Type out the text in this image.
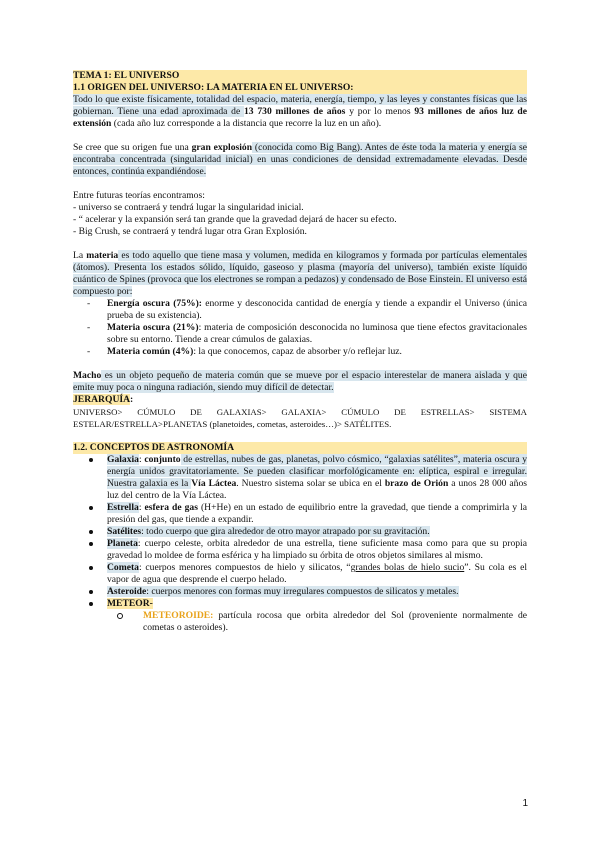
TEMA 1: EL UNIVERSO
1.1 ORIGEN DEL UNIVERSO: LA MATERIA EN EL UNIVERSO:

Todo lo que existe físicamente, totalidad del espacio, materia, energía, tiempo, y las leyes y constantes físicas que las gobiernan. Tiene una edad aproximada de 13 730 millones de años y por lo menos 93 millones de años luz de extensión (cada año luz corresponde a la distancia que recorre la luz en un año).

Se cree que su origen fue una gran explosión (conocida como Big Bang). Antes de éste toda la materia y energía se encontraba concentrada (singularidad inicial) en unas condiciones de densidad extremadamente elevadas. Desde entonces, continúa expandiéndose.

Entre futuras teorías encontramos:
- universo se contraerá y tendrá lugar la singularidad inicial.
- “ acelerar y la expansión será tan grande que la gravedad dejará de hacer su efecto.
- Big Crush, se contraerá y tendrá lugar otra Gran Explosión.

La materia es todo aquello que tiene masa y volumen, medida en kilogramos y formada por partículas elementales (átomos). Presenta los estados sólido, líquido, gaseoso y plasma (mayoría del universo), también existe líquido cuántico de Spines (provoca que los electrones se rompan a pedazos) y condensado de Bose Einstein. El universo está compuesto por:

- Energía oscura (75%): enorme y desconocida cantidad de energía y tiende a expandir el Universo (única prueba de su existencia).
- Materia oscura (21%): materia de composición desconocida no luminosa que tiene efectos gravitacionales sobre su entorno. Tiende a crear cúmulos de galaxias.
- Materia común (4%): la que conocemos, capaz de absorber y/o reflejar luz.

Macho es un objeto pequeño de materia común que se mueve por el espacio interestelar de manera aislada y que emite muy poca o ninguna radiación, siendo muy difícil de detectar.

JERARQUÍA:

UNIVERSO> CÚMULO DE GALAXIAS> GALAXIA> CÚMULO DE ESTRELLAS> SISTEMA ESTELAR/ESTRELLA>PLANETAS (planetoides, cometas, asteroides…)> SATÉLITES.

1.2. CONCEPTOS DE ASTRONOMÍA
Galaxia: conjunto de estrellas, nubes de gas, planetas, polvo cósmico, “galaxias satélites”, materia oscura y energía unidos gravitatoriamente. Se pueden clasificar morfológicamente en: elíptica, espiral e irregular. Nuestra galaxia es la Vía Láctea. Nuestro sistema solar se ubica en el brazo de Orión a unos 28 000 años luz del centro de la Vía Láctea.
Estrella: esfera de gas (H+He) en un estado de equilibrio entre la gravedad, que tiende a comprimirla y la presión del gas, que tiende a expandir.
Satélites: todo cuerpo que gira alrededor de otro mayor atrapado por su gravitación.
Planeta: cuerpo celeste, orbita alrededor de una estrella, tiene suficiente masa como para que su propia gravedad lo moldee de forma esférica y ha limpiado su órbita de otros objetos similares al mismo.
Cometa: cuerpos menores compuestos de hielo y silicatos, “grandes bolas de hielo sucio”. Su cola es el vapor de agua que desprende el cuerpo helado.
Asteroide: cuerpos menores con formas muy irregulares compuestos de silicatos y metales.
METEOR-
METEOROIDE: partícula rocosa que orbita alrededor del Sol (proveniente normalmente de cometas o asteroides).
1
